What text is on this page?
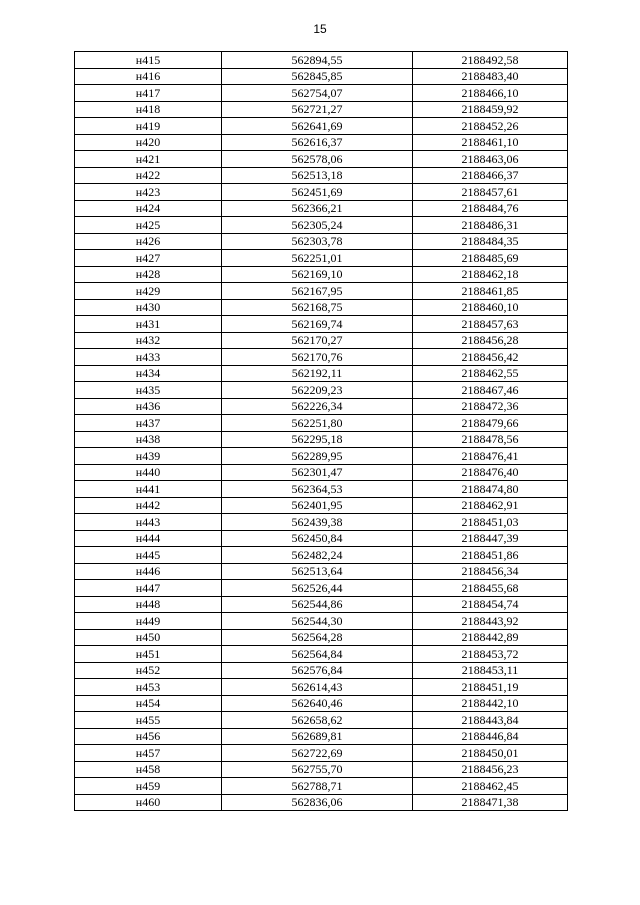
15
н415	562894,55	2188492,58
н416	562845,85	2188483,40
н417	562754,07	2188466,10
н418	562721,27	2188459,92
н419	562641,69	2188452,26
н420	562616,37	2188461,10
н421	562578,06	2188463,06
н422	562513,18	2188466,37
н423	562451,69	2188457,61
н424	562366,21	2188484,76
н425	562305,24	2188486,31
н426	562303,78	2188484,35
н427	562251,01	2188485,69
н428	562169,10	2188462,18
н429	562167,95	2188461,85
н430	562168,75	2188460,10
н431	562169,74	2188457,63
н432	562170,27	2188456,28
н433	562170,76	2188456,42
н434	562192,11	2188462,55
н435	562209,23	2188467,46
н436	562226,34	2188472,36
н437	562251,80	2188479,66
н438	562295,18	2188478,56
н439	562289,95	2188476,41
н440	562301,47	2188476,40
н441	562364,53	2188474,80
н442	562401,95	2188462,91
н443	562439,38	2188451,03
н444	562450,84	2188447,39
н445	562482,24	2188451,86
н446	562513,64	2188456,34
н447	562526,44	2188455,68
н448	562544,86	2188454,74
н449	562544,30	2188443,92
н450	562564,28	2188442,89
н451	562564,84	2188453,72
н452	562576,84	2188453,11
н453	562614,43	2188451,19
н454	562640,46	2188442,10
н455	562658,62	2188443,84
н456	562689,81	2188446,84
н457	562722,69	2188450,01
н458	562755,70	2188456,23
н459	562788,71	2188462,45
н460	562836,06	2188471,38
